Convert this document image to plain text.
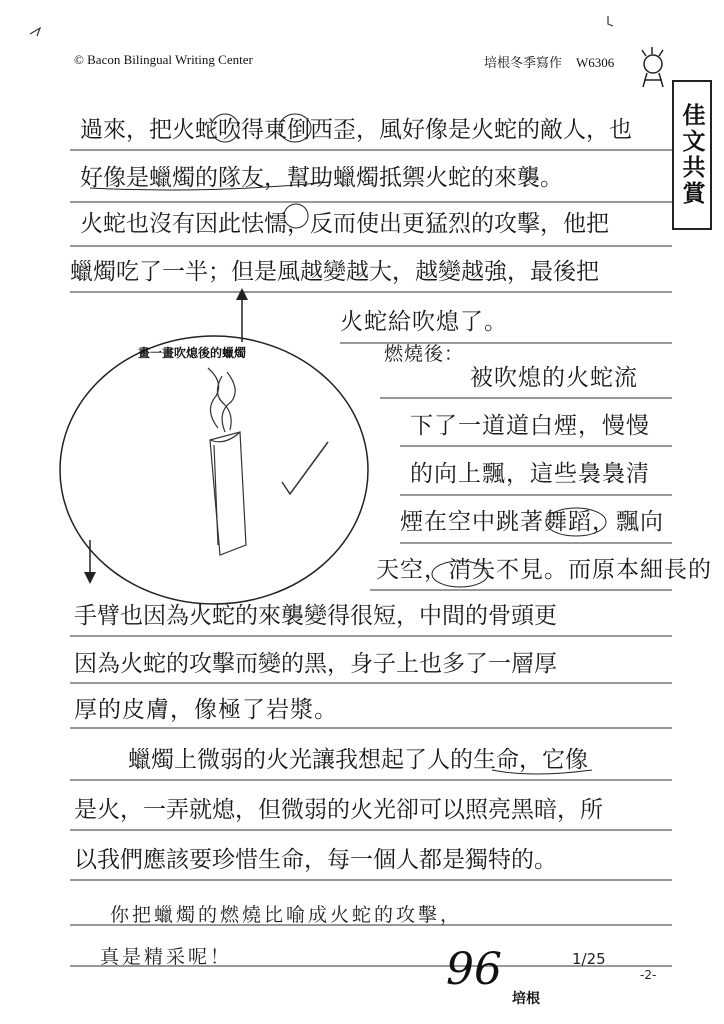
© Bacon Bilingual Writing Center	培根冬季寫作 W6306
佳文共賞
過來，把火蛇吹得東倒西歪，風好像是火蛇的敵人，也
好像是蠟燭的隊友，幫助蠟燭抵禦火蛇的來襲。
火蛇也沒有因此怯懦，反而使出更猛烈的攻擊，他把
蠟燭吃了一半；但是風越變越大，越變越強，最後把
火蛇給吹熄了。
燃燒後：
被吹熄的火蛇流
下了一道道白煙，慢慢
的向上飄，這些裊裊清
煙在空中跳著舞蹈，飄向
天空，消失不見。而原本細長的
手臂也因為火蛇的來襲變得很短，中間的骨頭更
因為火蛇的攻擊而變的黑，身子上也多了一層厚
厚的皮膚，像極了岩漿。
蠟燭上微弱的火光讓我想起了人的生命，它像
是火，一弄就熄，但微弱的火光卻可以照亮黑暗，所
以我們應該要珍惜生命，每一個人都是獨特的。
畫一畫吹熄後的蠟燭
你把蠟燭的燃燒比喻成火蛇的攻擊，
真是精采呢！	96	1/25
培根
-2-
